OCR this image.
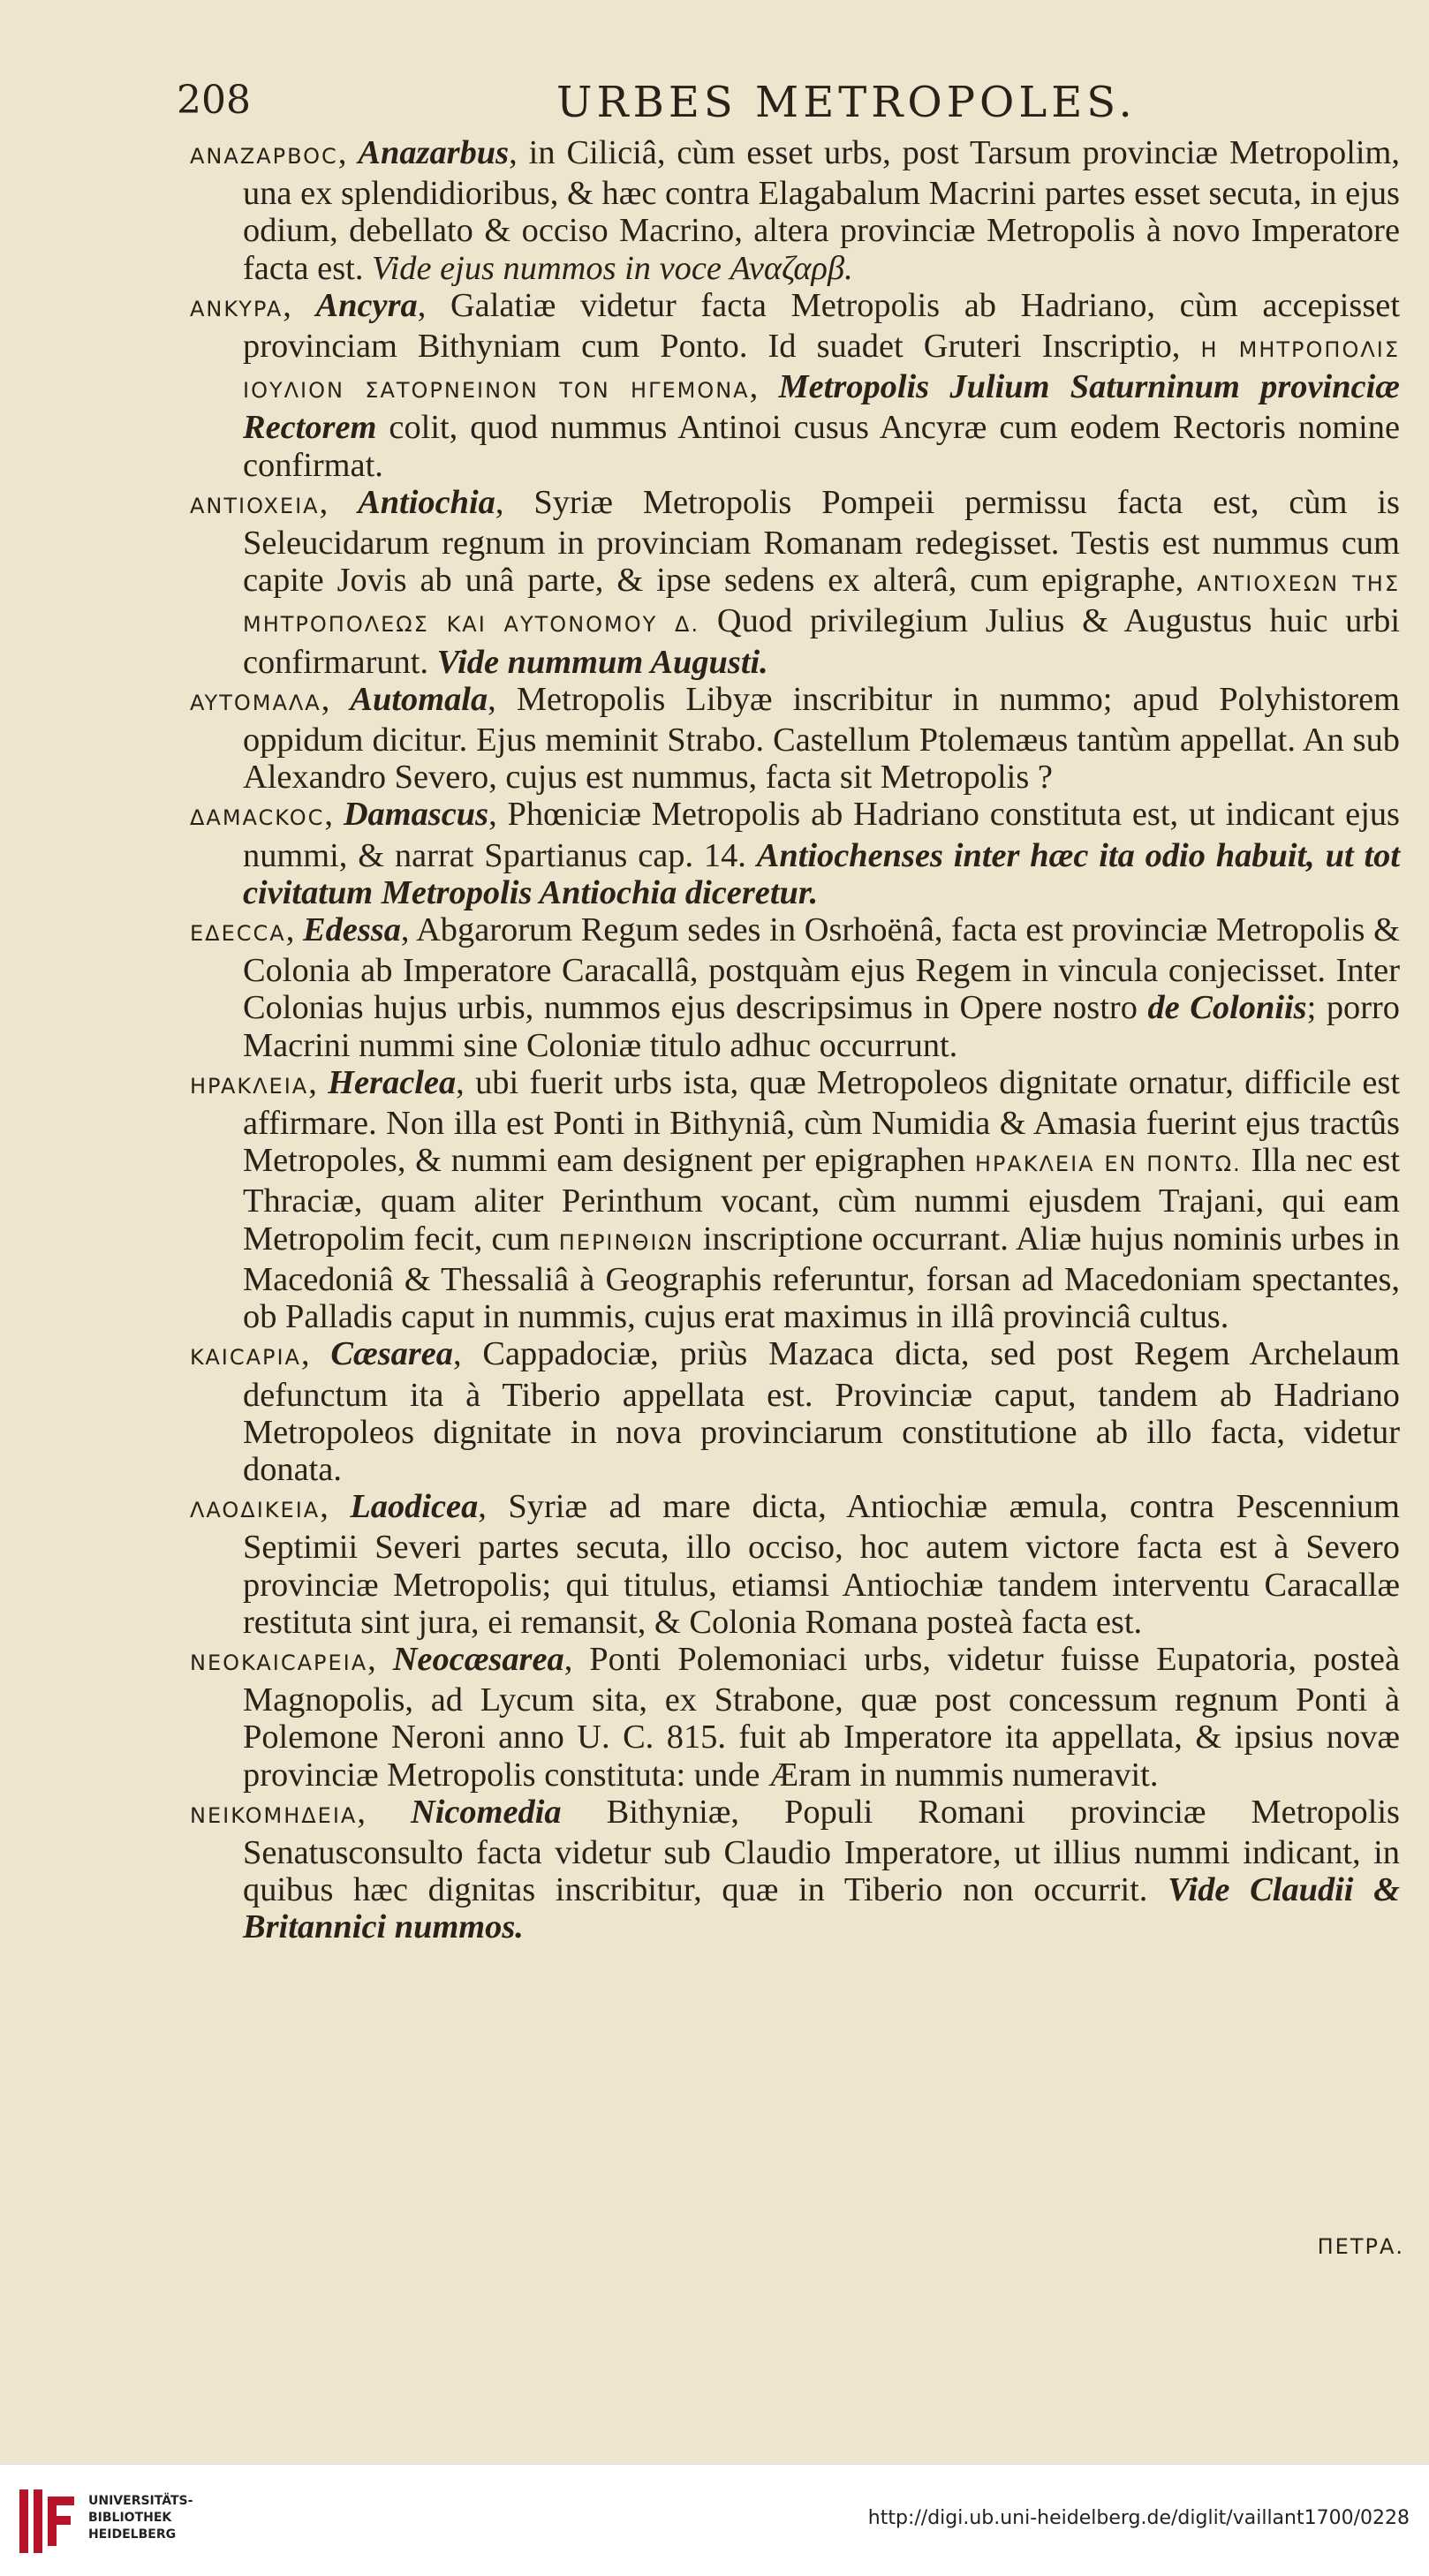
208	URBES METROPOLES.

ANAZAPBOC, Anazarbus, in Ciliciâ, cùm esset urbs, post Tarsum provinciæ Metropolim, una ex splendidioribus, & hæc contra Elagabalum Macrini partes esset secuta, in ejus odium, debellato & occiso Macrino, altera provinciæ Metropolis à novo Imperatore facta est. Vide ejus nummos in voce Αναζαρβ.

ANKYPA, Ancyra, Galatiæ videtur facta Metropolis ab Hadriano, cùm accepisset provinciam Bithyniam cum Ponto. Id suadet Gruteri Inscriptio, Η ΜΗΤΡΟΠΟΛΙΣ ΙΟΥΛΙΟΝ ΣΑΤΟΡΝΕΙΝΟΝ ΤΟΝ ΗΓΕΜΟΝΑ, Metropolis Julium Saturninum provinciæ Rectorem colit, quod nummus Antinoi cusus Ancyræ cum eodem Rectoris nomine confirmat.

ANTIOXEIA, Antiochia, Syriæ Metropolis Pompeii permissu facta est, cùm is Seleucidarum regnum in provinciam Romanam redegisset. Testis est nummus cum capite Jovis ab unâ parte, & ipse sedens ex alterâ, cum epigraphe, ΑΝΤΙΟΧΕΩΝ ΤΗΣ ΜΗΤΡΟΠΟΛΕΩΣ ΚΑΙ ΑΥΤΟΝΟΜΟΥ Δ. Quod privilegium Julius & Augustus huic urbi confirmarunt. Vide nummum Augusti.

AYTOMAΛA, Automala, Metropolis Libyæ inscribitur in nummo; apud Polyhistorem oppidum dicitur. Ejus meminit Strabo. Castellum Ptolemæus tantùm appellat. An sub Alexandro Severo, cujus est nummus, facta sit Metropolis ?

ΔAMACKOC, Damascus, Phœniciæ Metropolis ab Hadriano constituta est, ut indicant ejus nummi, & narrat Spartianus cap. 14. Antiochenses inter hæc ita odio habuit, ut tot civitatum Metropolis Antiochia diceretur.

EΔECCA, Edessa, Abgarorum Regum sedes in Osrhoënâ, facta est provinciæ Metropolis & Colonia ab Imperatore Caracallâ, postquàm ejus Regem in vincula conjecisset. Inter Colonias hujus urbis, nummos ejus descripsimus in Opere nostro de Coloniis; porro Macrini nummi sine Coloniæ titulo adhuc occurrunt.

HPAKΛEIA, Heraclea, ubi fuerit urbs ista, quæ Metropoleos dignitate ornatur, difficile est affirmare. Non illa est Ponti in Bithyniâ, cùm Numidia & Amasia fuerint ejus tractûs Metropoles, & nummi eam designent per epigraphen ΗΡΑΚΛΕΙΑ ΕΝ ΠΟΝΤΩ. Illa nec est Thraciæ, quam aliter Perinthum vocant, cùm nummi ejusdem Trajani, qui eam Metropolim fecit, cum ΠΕΡΙΝΘΙΩΝ inscriptione occurrant. Aliæ hujus nominis urbes in Macedoniâ & Thessaliâ à Geographis referuntur, forsan ad Macedoniam spectantes, ob Palladis caput in nummis, cujus erat maximus in illâ provinciâ cultus.

KAICAPIA, Cæsarea, Cappadociæ, priùs Mazaca dicta, sed post Regem Archelaum defunctum ita à Tiberio appellata est. Provinciæ caput, tandem ab Hadriano Metropoleos dignitate in nova provinciarum constitutione ab illo facta, videtur donata.

ΛAOΔIKEIA, Laodicea, Syriæ ad mare dicta, Antiochiæ æmula, contra Pescennium Septimii Severi partes secuta, illo occiso, hoc autem victore facta est à Severo provinciæ Metropolis; qui titulus, etiamsi Antiochiæ tandem interventu Caracallæ restituta sint jura, ei remansit, & Colonia Romana posteà facta est.

NEOKAICAPEIA, Neocæsarea, Ponti Polemoniaci urbs, videtur fuisse Eupatoria, posteà Magnopolis, ad Lycum sita, ex Strabone, quæ post concessum regnum Ponti à Polemone Neroni anno U. C. 815. fuit ab Imperatore ita appellata, & ipsius novæ provinciæ Metropolis constituta: unde Æram in nummis numeravit.

NEIKOMHΔEIA, Nicomedia Bithyniæ, Populi Romani provinciæ Metropolis Senatusconsulto facta videtur sub Claudio Imperatore, ut illius nummi indicant, in quibus hæc dignitas inscribitur, quæ in Tiberio non occurrit. Vide Claudii & Britannici nummos.

ΠΕΤΡΑ.
UNIVERSITÄTS-
BIBLIOTHEK
HEIDELBERG
http://digi.ub.uni-heidelberg.de/diglit/vaillant1700/0228
